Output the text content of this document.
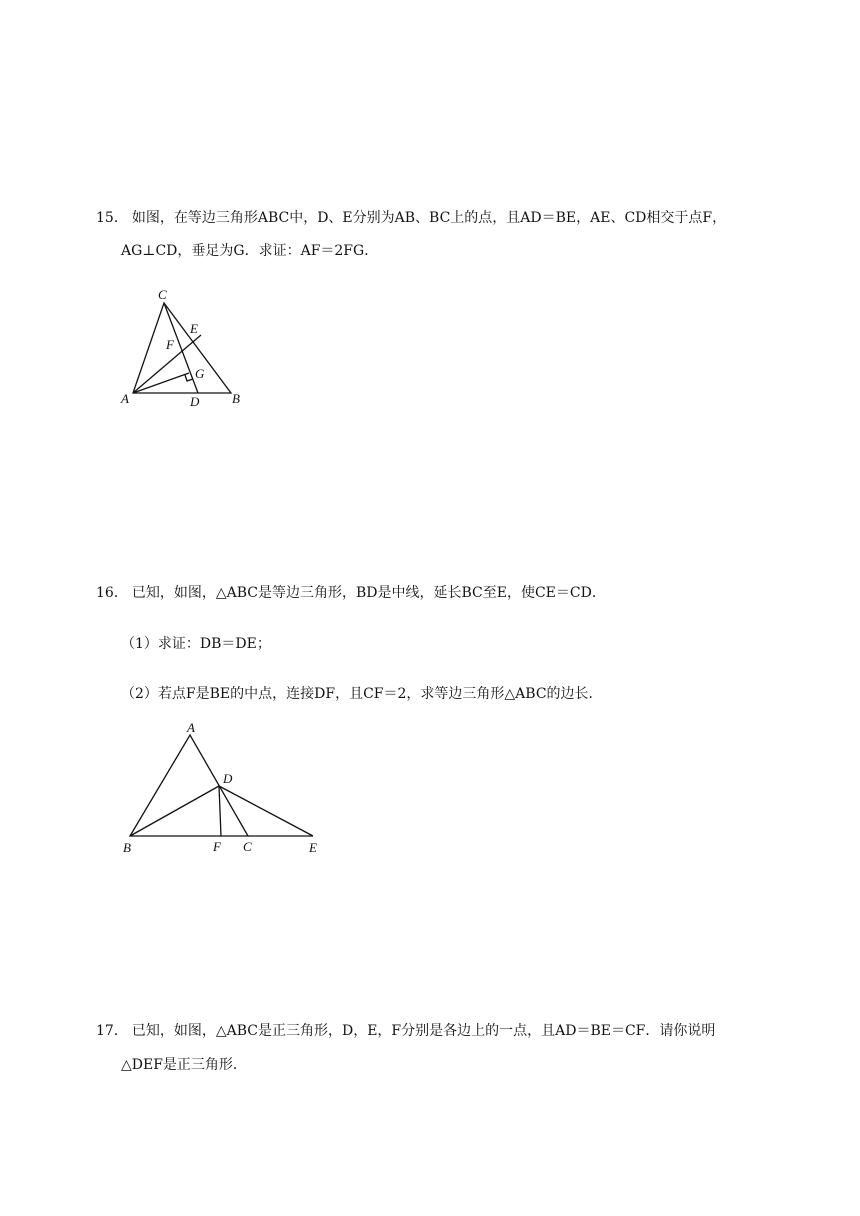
15． 如图，在等边三角形ABC中，D、E分别为AB、BC上的点，且AD＝BE，AE、CD相交于点F，
AG⊥CD，垂足为G．求证：AF＝2FG．
C
E
F
G
A	D	B
16． 已知，如图，△ABC是等边三角形，BD是中线，延长BC至E，使CE＝CD．
（1）求证：DB＝DE；
（2）若点F是BE的中点，连接DF，且CF＝2，求等边三角形△ABC的边长．
A
D
B	F C	E
17． 已知，如图，△ABC是正三角形，D，E，F分别是各边上的一点，且AD＝BE＝CF．请你说明
△DEF是正三角形．
